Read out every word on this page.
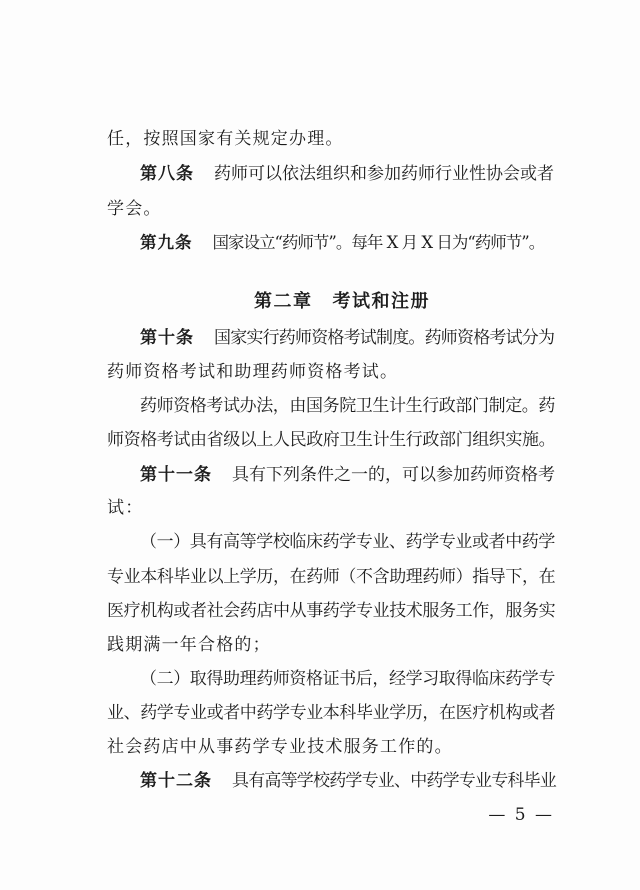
任，按照国家有关规定办理。
第八条 药师可以依法组织和参加药师行业性协会或者
学会。
第九条 国家设立“药师节”。每年 X 月 X 日为“药师节”。
第二章 考试和注册
第十条 国家实行药师资格考试制度。药师资格考试分为
药师资格考试和助理药师资格考试。
药师资格考试办法，由国务院卫生计生行政部门制定。药
师资格考试由省级以上人民政府卫生计生行政部门组织实施。
第十一条 具有下列条件之一的，可以参加药师资格考
试：
（一）具有高等学校临床药学专业、药学专业或者中药学
专业本科毕业以上学历，在药师（不含助理药师）指导下，在
医疗机构或者社会药店中从事药学专业技术服务工作，服务实
践期满一年合格的；
（二）取得助理药师资格证书后，经学习取得临床药学专
业、药学专业或者中药学专业本科毕业学历，在医疗机构或者
社会药店中从事药学专业技术服务工作的。
第十二条 具有高等学校药学专业、中药学专业专科毕业
— 5 —
